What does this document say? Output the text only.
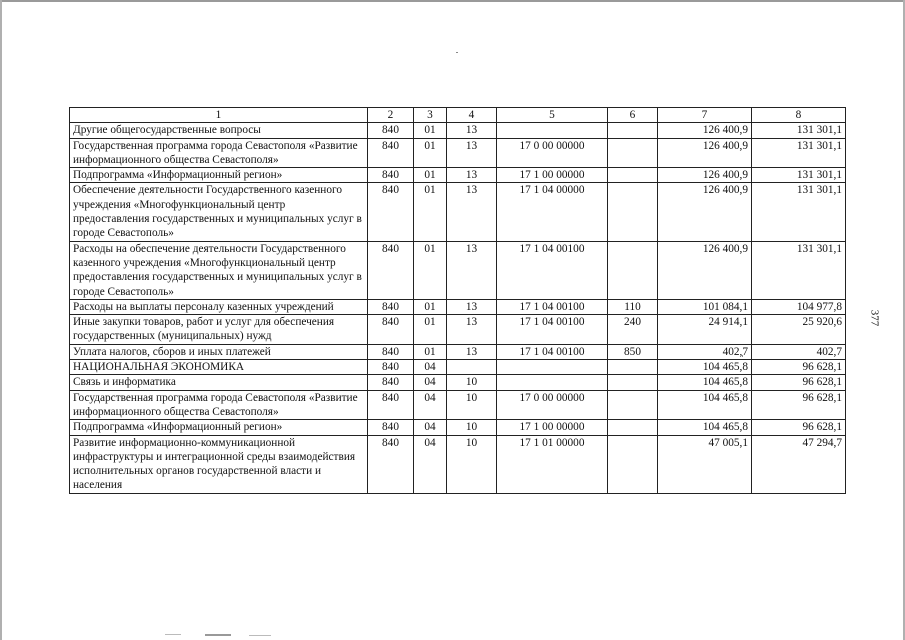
377
1	2	3	4	5	6	7	8
Другие общегосударственные вопросы	840	01	13			126 400,9	131 301,1
Государственная программа города Севастополя «Развитие информационного общества Севастополя»	840	01	13	17 0 00 00000		126 400,9	131 301,1
Подпрограмма «Информационный регион»	840	01	13	17 1 00 00000		126 400,9	131 301,1
Обеспечение деятельности Государственного казенного учреждения «Многофункциональный центр предоставления государственных и муниципальных услуг в городе Севастополь»	840	01	13	17 1 04 00000		126 400,9	131 301,1
Расходы на обеспечение деятельности Государственного казенного учреждения «Многофункциональный центр предоставления государственных и муниципальных услуг в городе Севастополь»	840	01	13	17 1 04 00100		126 400,9	131 301,1
Расходы на выплаты персоналу казенных учреждений	840	01	13	17 1 04 00100	110	101 084,1	104 977,8
Иные закупки товаров, работ и услуг для обеспечения государственных (муниципальных) нужд	840	01	13	17 1 04 00100	240	24 914,1	25 920,6
Уплата налогов, сборов и иных платежей	840	01	13	17 1 04 00100	850	402,7	402,7
НАЦИОНАЛЬНАЯ ЭКОНОМИКА	840	04				104 465,8	96 628,1
Связь и информатика	840	04	10			104 465,8	96 628,1
Государственная программа города Севастополя «Развитие информационного общества Севастополя»	840	04	10	17 0 00 00000		104 465,8	96 628,1
Подпрограмма «Информационный регион»	840	04	10	17 1 00 00000		104 465,8	96 628,1
Развитие информационно-коммуникационной инфраструктуры и интеграционной среды взаимодействия исполнительных органов государственной власти и населения	840	04	10	17 1 01 00000		47 005,1	47 294,7
